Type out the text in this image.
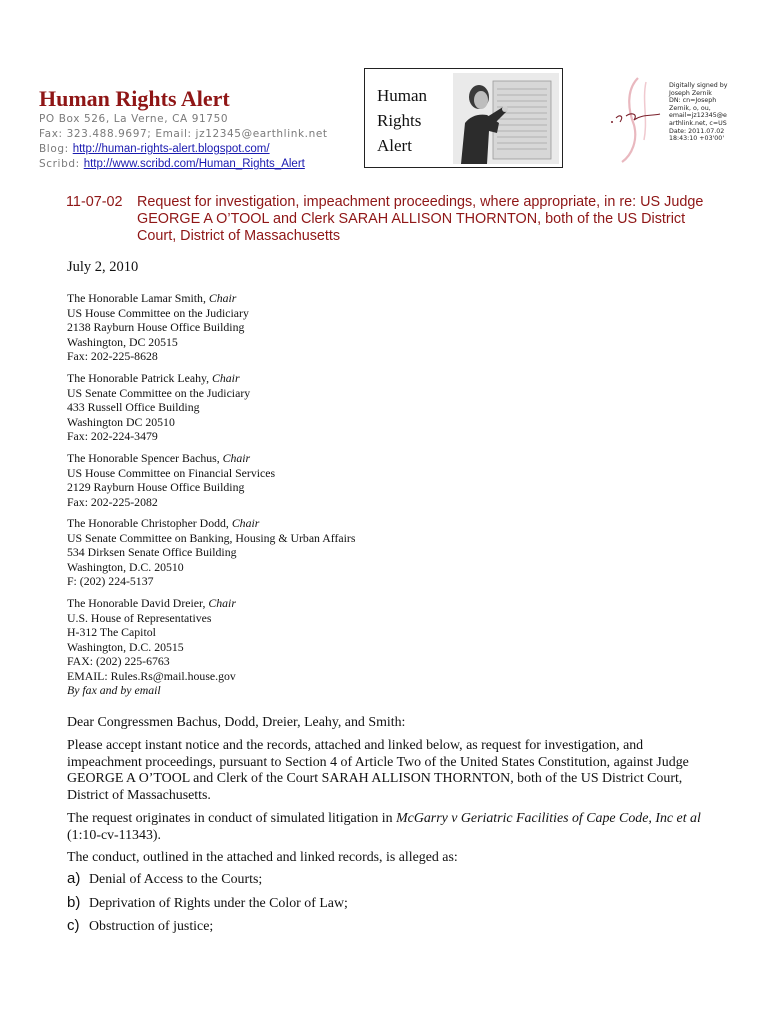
Human Rights Alert
PO Box 526, La Verne, CA 91750
Fax: 323.488.9697; Email: jz12345@earthlink.net
Blog: http://human-rights-alert.blogspot.com/
Scribd: http://www.scribd.com/Human_Rights_Alert
Human
Rights
Alert
Digitally signed by
Joseph Zernik
DN: cn=Joseph
Zernik, o, ou,
email=jz12345@e
arthlink.net, c=US
Date: 2011.07.02
18:43:10 +03'00'
11-07-02 Request for investigation, impeachment proceedings, where appropriate, in re: US Judge GEORGE A O’TOOL and Clerk SARAH ALLISON THORNTON, both of the US District Court, District of Massachusetts
July 2, 2010
The Honorable Lamar Smith, Chair
US House Committee on the Judiciary
2138 Rayburn House Office Building
Washington, DC 20515
Fax: 202-225-8628
The Honorable Patrick Leahy, Chair
US Senate Committee on the Judiciary
433 Russell Office Building
Washington DC 20510
Fax: 202-224-3479
The Honorable Spencer Bachus, Chair
US House Committee on Financial Services
2129 Rayburn House Office Building
Fax: 202-225-2082
The Honorable Christopher Dodd, Chair
US Senate Committee on Banking, Housing & Urban Affairs
534 Dirksen Senate Office Building
Washington, D.C. 20510
F: (202) 224-5137
The Honorable David Dreier, Chair
U.S. House of Representatives
H-312 The Capitol
Washington, D.C. 20515
FAX: (202) 225-6763
EMAIL: Rules.Rs@mail.house.gov
By fax and by email
Dear Congressmen Bachus, Dodd, Dreier, Leahy, and Smith:
Please accept instant notice and the records, attached and linked below, as request for investigation, and impeachment proceedings, pursuant to Section 4 of Article Two of the United States Constitution, against Judge GEORGE A O’TOOL and Clerk of the Court SARAH ALLISON THORNTON, both of the US District Court, District of Massachusetts.
The request originates in conduct of simulated litigation in McGarry v Geriatric Facilities of Cape Code, Inc et al (1:10-cv-11343).
The conduct, outlined in the attached and linked records, is alleged as:
a) Denial of Access to the Courts;
b) Deprivation of Rights under the Color of Law;
c) Obstruction of justice;
